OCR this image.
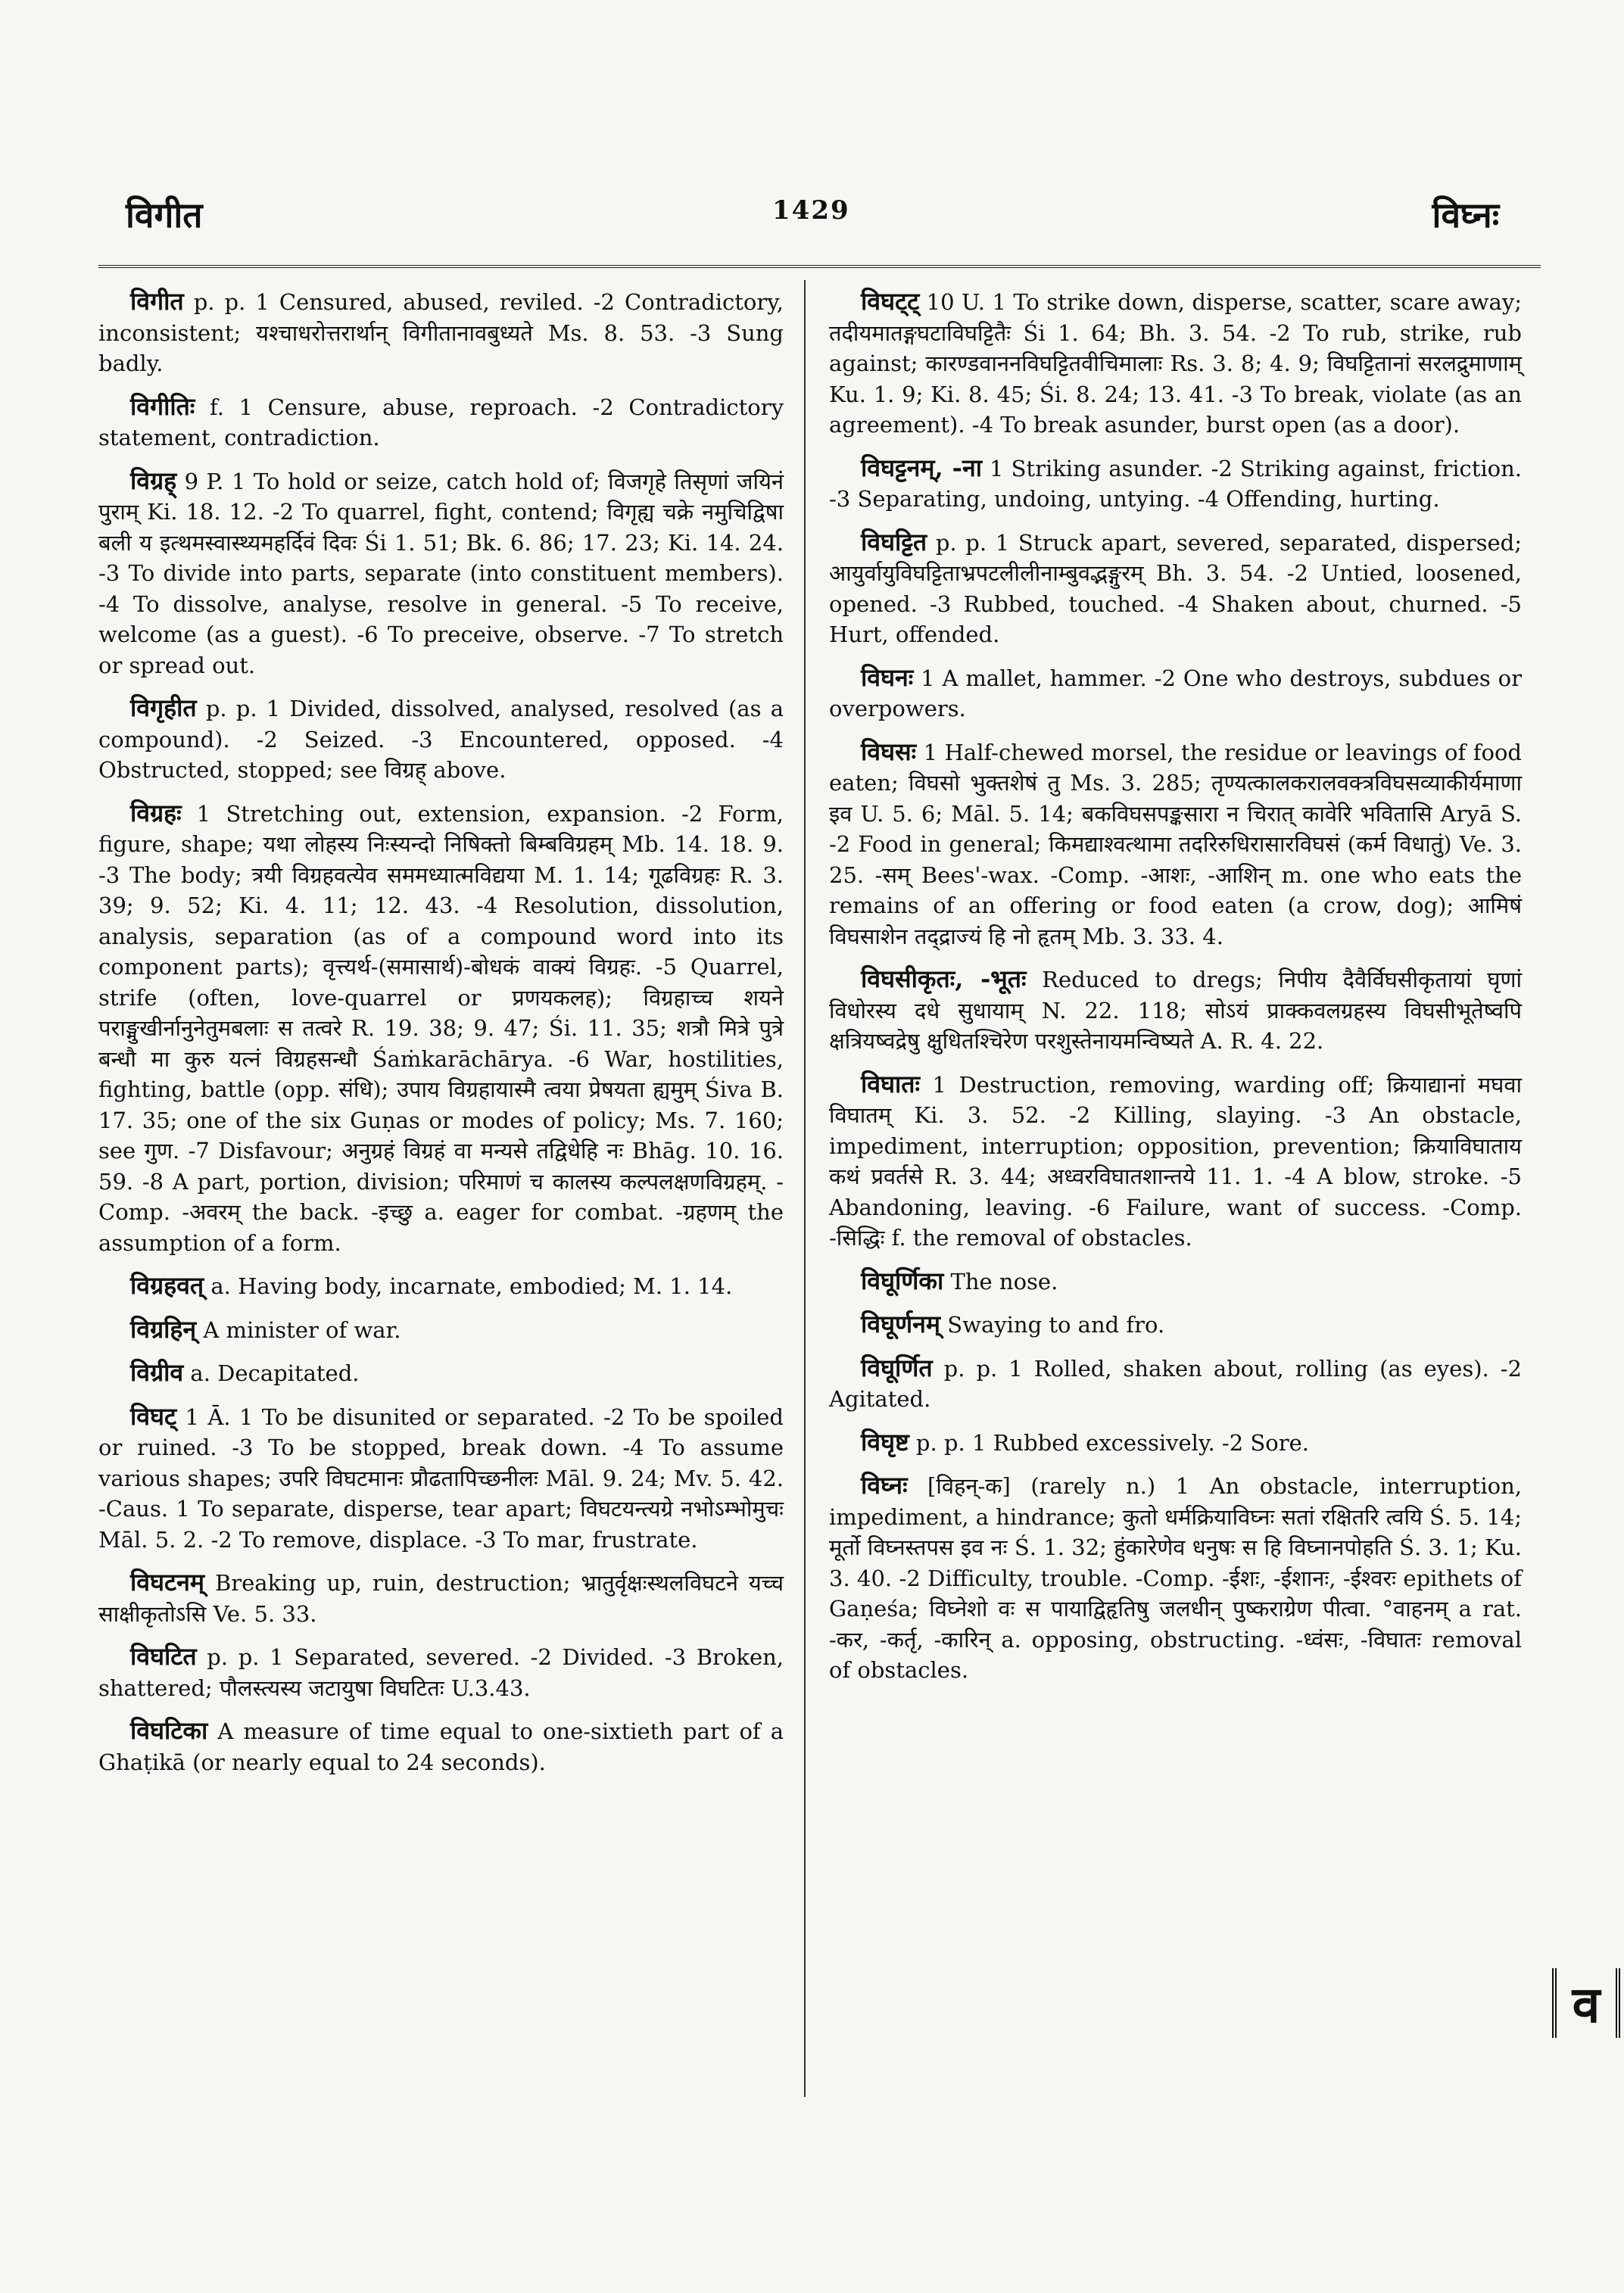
विगीत	1429	विघ्नः

विगीत p. p. 1 Censured, abused, reviled. -2 Contradictory, inconsistent; यश्चाधरोत्तरार्थान् विगीतानावबुध्यते Ms. 8. 53. -3 Sung badly.

विगीतिः f. 1 Censure, abuse, reproach. -2 Contradictory statement, contradiction.

विग्रह् 9 P. 1 To hold or seize, catch hold of; विजगृहे तिसृणां जयिनं पुराम् Ki. 18. 12. -2 To quarrel, fight, contend; विगृह्य चक्रे नमुचिद्विषा बली य इत्थमस्वास्थ्यमहर्दिवं दिवः Śi 1. 51; Bk. 6. 86; 17. 23; Ki. 14. 24. -3 To divide into parts, separate (into constituent members). -4 To dissolve, analyse, resolve in general. -5 To receive, welcome (as a guest). -6 To preceive, observe. -7 To stretch or spread out.

विगृहीत p. p. 1 Divided, dissolved, analysed, resolved (as a compound). -2 Seized. -3 Encountered, opposed. -4 Obstructed, stopped; see विग्रह् above.

विग्रहः 1 Stretching out, extension, expansion. -2 Form, figure, shape; यथा लोहस्य निःस्यन्दो निषिक्तो बिम्बविग्रहम् Mb. 14. 18. 9. -3 The body; त्रयी विग्रहवत्येव सममध्यात्मविद्यया M. 1. 14; गूढविग्रहः R. 3. 39; 9. 52; Ki. 4. 11; 12. 43. -4 Resolution, dissolution, analysis, separation (as of a compound word into its component parts); वृत्त्यर्थ-(समासार्थ)-बोधकं वाक्यं विग्रहः. -5 Quarrel, strife (often, love-quarrel or प्रणयकलह); विग्रहाच्च शयने पराङ्मुखीर्नानुनेतुमबलाः स तत्वरे R. 19. 38; 9. 47; Śi. 11. 35; शत्रौ मित्रे पुत्रे बन्धौ मा कुरु यत्नं विग्रहसन्धौ Śaṁkarāchārya. -6 War, hostilities, fighting, battle (opp. संधि); उपाय विग्रहायास्मै त्वया प्रेषयता ह्यमुम् Śiva B. 17. 35; one of the six Guṇas or modes of policy; Ms. 7. 160; see गुण. -7 Disfavour; अनुग्रहं विग्रहं वा मन्यसे तद्विधेहि नः Bhāg. 10. 16. 59. -8 A part, portion, division; परिमाणं च कालस्य कल्पलक्षणविग्रहम्. -Comp. -अवरम् the back. -इच्छु a. eager for combat. -ग्रहणम् the assumption of a form.

विग्रहवत् a. Having body, incarnate, embodied; M. 1. 14.

विग्रहिन् A minister of war.

विग्रीव a. Decapitated.

विघट् 1 Ā. 1 To be disunited or separated. -2 To be spoiled or ruined. -3 To be stopped, break down. -4 To assume various shapes; उपरि विघटमानः प्रौढतापिच्छनीलः Māl. 9. 24; Mv. 5. 42. -Caus. 1 To separate, disperse, tear apart; विघटयन्त्यग्रे नभोऽम्भोमुचः Māl. 5. 2. -2 To remove, displace. -3 To mar, frustrate.

विघटनम् Breaking up, ruin, destruction; भ्रातुर्वृक्षःस्थलविघटने यच्च साक्षीकृतोऽसि Ve. 5. 33.

विघटित p. p. 1 Separated, severed. -2 Divided. -3 Broken, shattered; पौलस्त्यस्य जटायुषा विघटितः U.3.43.

विघटिका A measure of time equal to one-sixtieth part of a Ghaṭikā (or nearly equal to 24 seconds).

विघट्ट् 10 U. 1 To strike down, disperse, scatter, scare away; तदीयमातङ्गघटाविघट्टितैः Śi 1. 64; Bh. 3. 54. -2 To rub, strike, rub against; कारण्डवाननविघट्टितवीचिमालाः Rs. 3. 8; 4. 9; विघट्टितानां सरलद्रुमाणाम् Ku. 1. 9; Ki. 8. 45; Śi. 8. 24; 13. 41. -3 To break, violate (as an agreement). -4 To break asunder, burst open (as a door).

विघट्टनम्, -ना 1 Striking asunder. -2 Striking against, friction. -3 Separating, undoing, untying. -4 Offending, hurting.

विघट्टित p. p. 1 Struck apart, severed, separated, dispersed; आयुर्वायुविघट्टिताभ्रपटलीलीनाम्बुवद्भङ्गुरम् Bh. 3. 54. -2 Untied, loosened, opened. -3 Rubbed, touched. -4 Shaken about, churned. -5 Hurt, offended.

विघनः 1 A mallet, hammer. -2 One who destroys, subdues or overpowers.

विघसः 1 Half-chewed morsel, the residue or leavings of food eaten; विघसो भुक्तशेषं तु Ms. 3. 285; तृण्यत्कालकरालवक्त्रविघसव्याकीर्यमाणा इव U. 5. 6; Māl. 5. 14; बकविघसपङ्कसारा न चिरात् कावेरि भवितासि Aryā S. -2 Food in general; किमद्याश्वत्थामा तदरिरुधिरासारविघसं (कर्म विधातुं) Ve. 3. 25. -सम् Bees'-wax. -Comp. -आशः, -आशिन् m. one who eats the remains of an offering or food eaten (a crow, dog); आमिषं विघसाशेन तद्द्राज्यं हि नो हृतम् Mb. 3. 33. 4.

विघसीकृतः, -भूतः Reduced to dregs; निपीय दैवैर्विघसीकृतायां घृणां विधोरस्य दधे सुधायाम् N. 22. 118; सोऽयं प्राक्कवलग्रहस्य विघसीभूतेष्वपि क्षत्रियष्वद्रेषु क्षुधितश्चिरेण परशुस्तेनायमन्विष्यते A. R. 4. 22.

विघातः 1 Destruction, removing, warding off; क्रियाद्यानां मघवा विघातम् Ki. 3. 52. -2 Killing, slaying. -3 An obstacle, impediment, interruption; opposition, prevention; क्रियाविघाताय कथं प्रवर्तसे R. 3. 44; अध्वरविघातशान्तये 11. 1. -4 A blow, stroke. -5 Abandoning, leaving. -6 Failure, want of success. -Comp. -सिद्धिः f. the removal of obstacles.

विघूर्णिका The nose.

विघूर्णनम् Swaying to and fro.

विघूर्णित p. p. 1 Rolled, shaken about, rolling (as eyes). -2 Agitated.

विघृष्ट p. p. 1 Rubbed excessively. -2 Sore.

विघ्नः [विहन्-क] (rarely n.) 1 An obstacle, interruption, impediment, a hindrance; कुतो धर्मक्रियाविघ्नः सतां रक्षितरि त्वयि Ś. 5. 14; मूर्तो विघ्नस्तपस इव नः Ś. 1. 32; हुंकारेणेव धनुषः स हि विघ्नानपोहति Ś. 3. 1; Ku. 3. 40. -2 Difficulty, trouble. -Comp. -ईशः, -ईशानः, -ईश्वरः epithets of Gaṇeśa; विघ्नेशो वः स पायाद्विहृतिषु जलधीन् पुष्कराग्रेण पीत्वा. °वाहनम् a rat. -कर, -कर्तृ, -कारिन् a. opposing, obstructing. -ध्वंसः, -विघातः removal of obstacles.

व
